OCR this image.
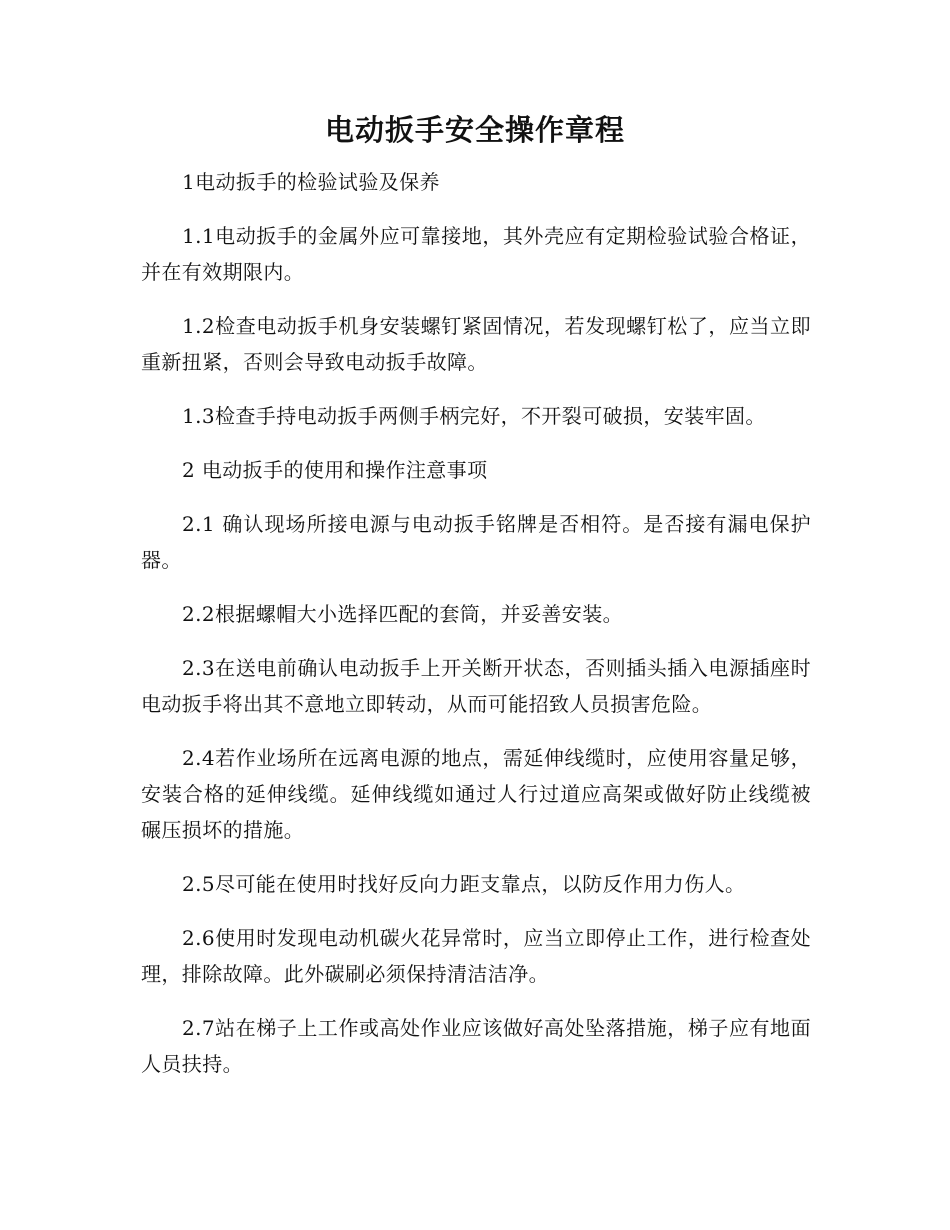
电动扳手安全操作章程

1电动扳手的检验试验及保养

1.1电动扳手的金属外应可靠接地，其外壳应有定期检验试验合格证，并在有效期限内。

1.2检查电动扳手机身安装螺钉紧固情况，若发现螺钉松了，应当立即重新扭紧，否则会导致电动扳手故障。

1.3检查手持电动扳手两侧手柄完好，不开裂可破损，安装牢固。

2 电动扳手的使用和操作注意事项

2.1 确认现场所接电源与电动扳手铭牌是否相符。是否接有漏电保护器。

2.2根据螺帽大小选择匹配的套筒，并妥善安装。

2.3在送电前确认电动扳手上开关断开状态，否则插头插入电源插座时电动扳手将出其不意地立即转动，从而可能招致人员损害危险。

2.4若作业场所在远离电源的地点，需延伸线缆时，应使用容量足够，安装合格的延伸线缆。延伸线缆如通过人行过道应高架或做好防止线缆被碾压损坏的措施。

2.5尽可能在使用时找好反向力距支靠点，以防反作用力伤人。

2.6使用时发现电动机碳火花异常时，应当立即停止工作，进行检查处理，排除故障。此外碳刷必须保持清洁洁净。

2.7站在梯子上工作或高处作业应该做好高处坠落措施，梯子应有地面人员扶持。
